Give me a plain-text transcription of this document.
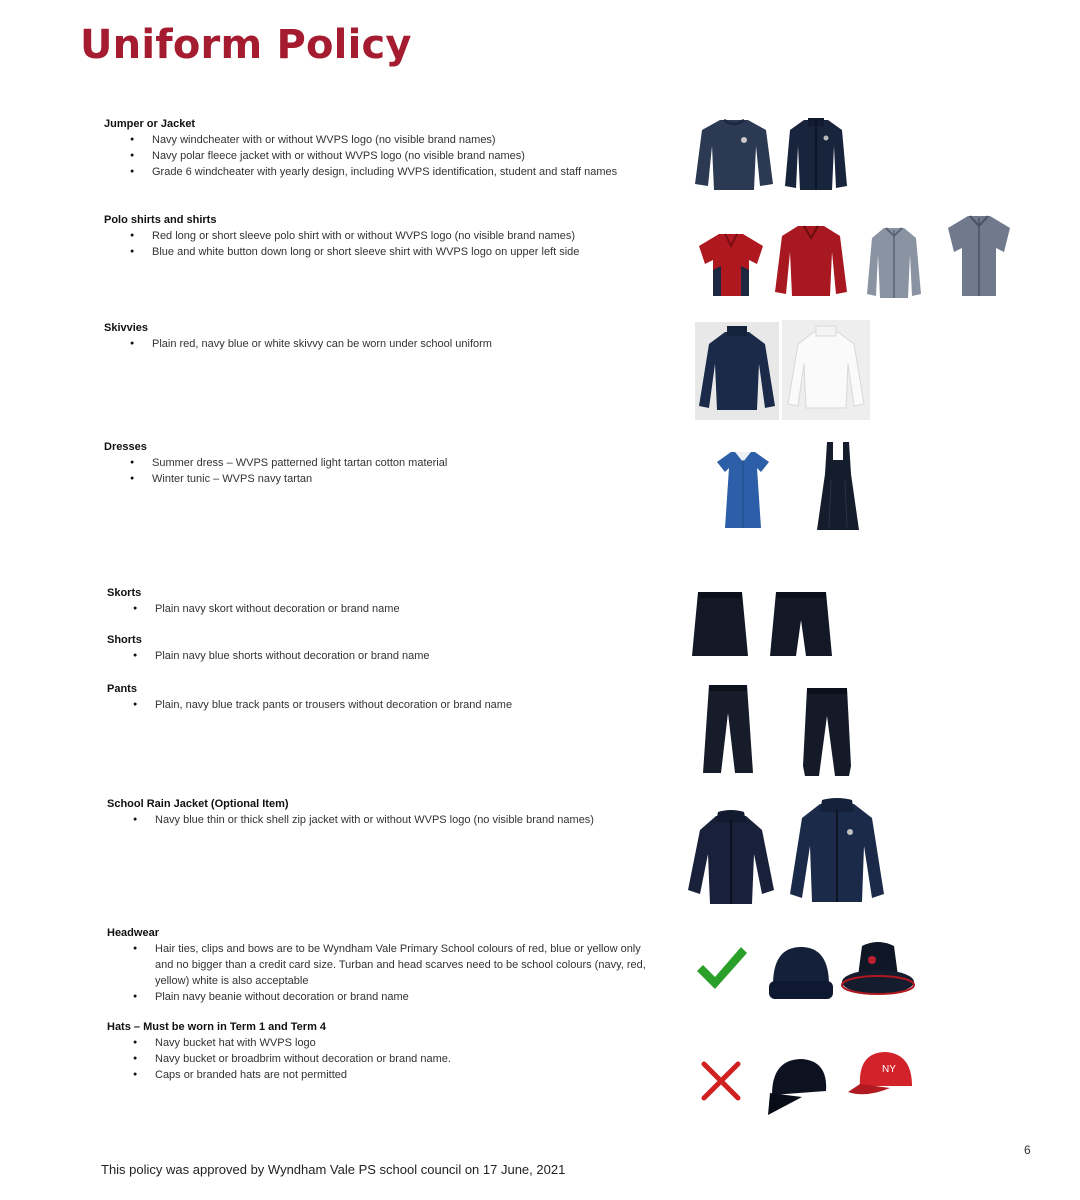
Uniform Policy
Jumper or Jacket
● Navy windcheater with or without WVPS logo (no visible brand names)
● Navy polar fleece jacket with or without WVPS logo (no visible brand names)
● Grade 6 windcheater with yearly design, including WVPS identification, student and staff names
Polo shirts and shirts
● Red long or short sleeve polo shirt with or without WVPS logo (no visible brand names)
● Blue and white button down long or short sleeve shirt with WVPS logo on upper left side
Skivvies
● Plain red, navy blue or white skivvy can be worn under school uniform
Dresses
● Summer dress – WVPS patterned light tartan cotton material
● Winter tunic – WVPS navy tartan
Skorts
● Plain navy skort without decoration or brand name
Shorts
● Plain navy blue shorts without decoration or brand name
Pants
● Plain, navy blue track pants or trousers without decoration or brand name
School Rain Jacket (Optional Item)
● Navy blue thin or thick shell zip jacket with or without WVPS logo (no visible brand names)
Headwear
● Hair ties, clips and bows are to be Wyndham Vale Primary School colours of red, blue or yellow only and no bigger than a credit card size. Turban and head scarves need to be school colours (navy, red, yellow) white is also acceptable
● Plain navy beanie without decoration or brand name
Hats – Must be worn in Term 1 and Term 4
● Navy bucket hat with WVPS logo
● Navy bucket or broadbrim without decoration or brand name.
● Caps or branded hats are not permitted	NY
This policy was approved by Wyndham Vale PS school council on 17 June, 2021
6
